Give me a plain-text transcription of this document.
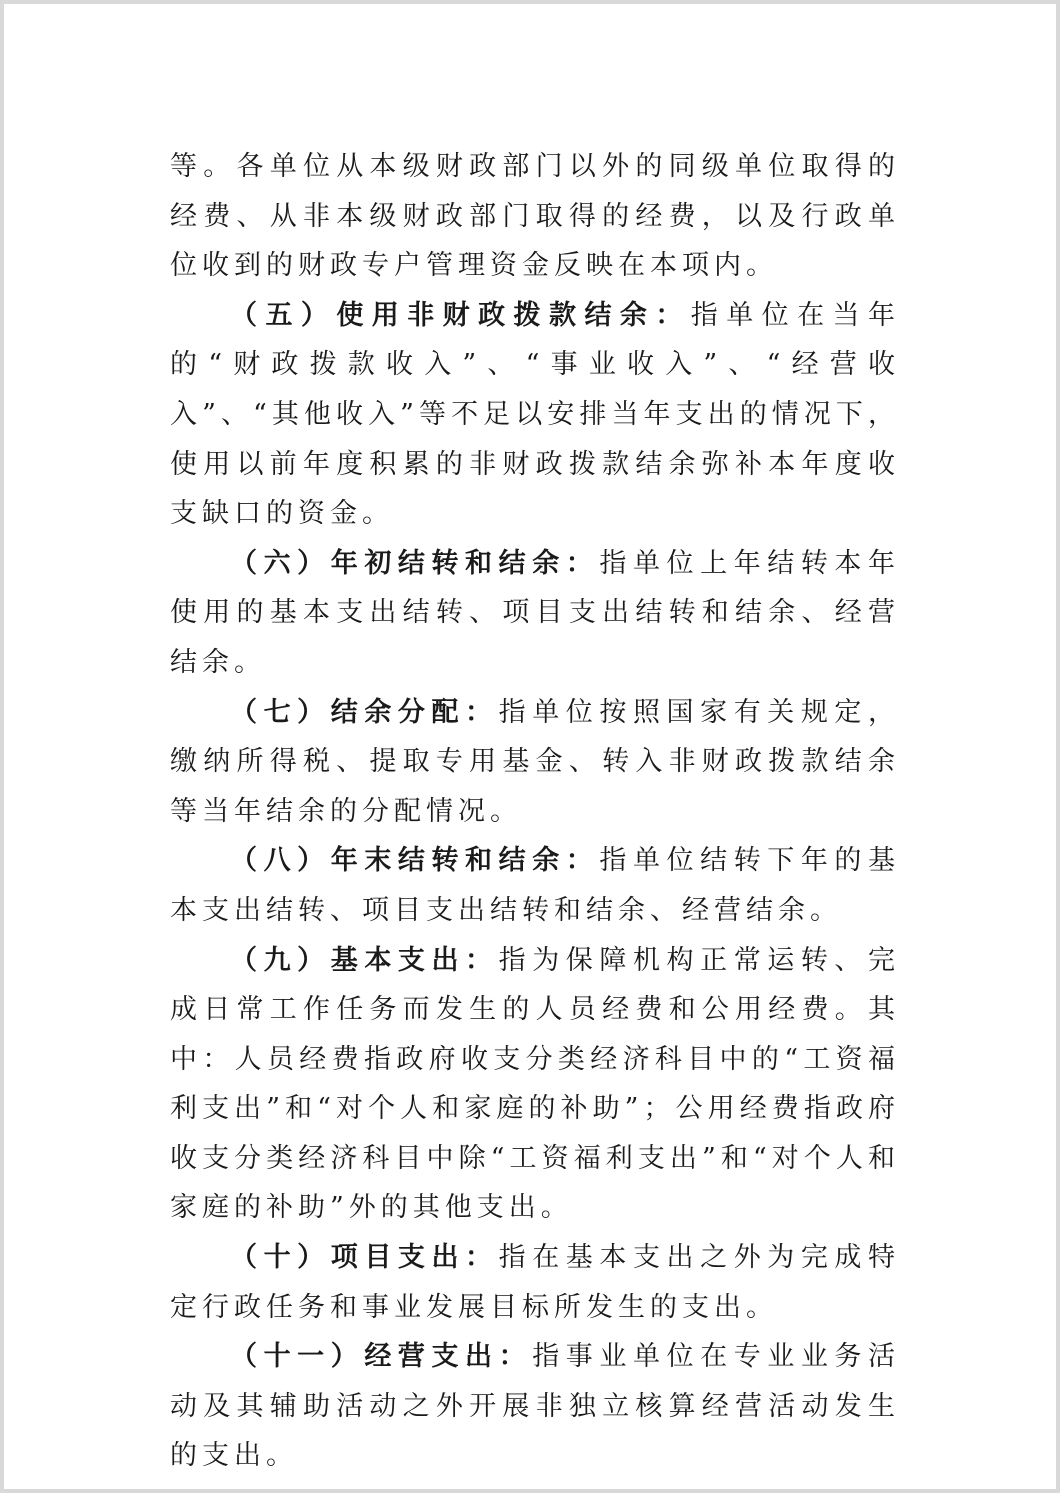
等。各单位从本级财政部门以外的同级单位取得的经费、从非本级财政部门取得的经费，以及行政单位收到的财政专户管理资金反映在本项内。

（五）使用非财政拨款结余：指单位在当年的“财政拨款收入”、“事业收入”、“经营收入”、“其他收入”等不足以安排当年支出的情况下，使用以前年度积累的非财政拨款结余弥补本年度收支缺口的资金。

（六）年初结转和结余：指单位上年结转本年使用的基本支出结转、项目支出结转和结余、经营结余。

（七）结余分配：指单位按照国家有关规定，缴纳所得税、提取专用基金、转入非财政拨款结余等当年结余的分配情况。

（八）年末结转和结余：指单位结转下年的基本支出结转、项目支出结转和结余、经营结余。

（九）基本支出：指为保障机构正常运转、完成日常工作任务而发生的人员经费和公用经费。其中：人员经费指政府收支分类经济科目中的“工资福利支出”和“对个人和家庭的补助”；公用经费指政府收支分类经济科目中除“工资福利支出”和“对个人和家庭的补助”外的其他支出。

（十）项目支出：指在基本支出之外为完成特定行政任务和事业发展目标所发生的支出。

（十一）经营支出：指事业单位在专业业务活动及其辅助活动之外开展非独立核算经营活动发生的支出。
